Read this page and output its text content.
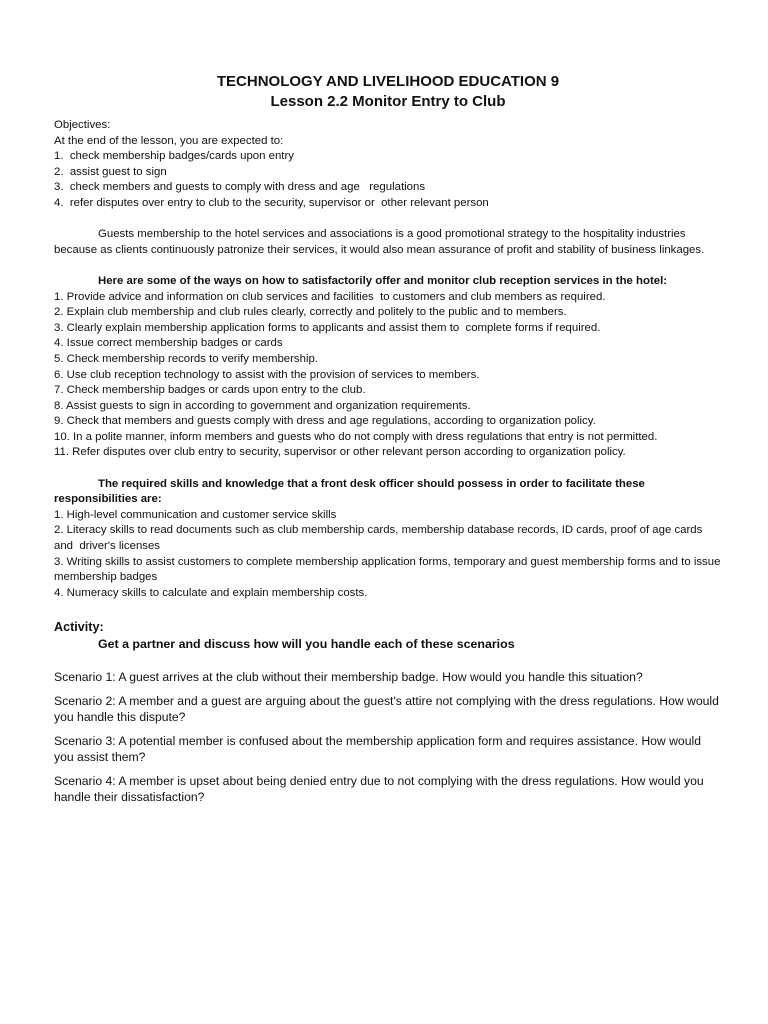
TECHNOLOGY AND LIVELIHOOD EDUCATION 9

Lesson 2.2 Monitor Entry to Club

Objectives:

At the end of the lesson, you are expected to:

1.  check membership badges/cards upon entry

2.  assist guest to sign

3.  check members and guests to comply with dress and age   regulations

4.  refer disputes over entry to club to the security, supervisor or  other relevant person

Guests membership to the hotel services and associations is a good promotional strategy to the hospitality industries because as clients continuously patronize their services, it would also mean assurance of profit and stability of business linkages.

Here are some of the ways on how to satisfactorily offer and monitor club reception services in the hotel:

1. Provide advice and information on club services and facilities  to customers and club members as required.

2. Explain club membership and club rules clearly, correctly and politely to the public and to members.

3. Clearly explain membership application forms to applicants and assist them to  complete forms if required.

4. Issue correct membership badges or cards

5. Check membership records to verify membership.

6. Use club reception technology to assist with the provision of services to members.

7. Check membership badges or cards upon entry to the club.

8. Assist guests to sign in according to government and organization requirements.

9. Check that members and guests comply with dress and age regulations, according to organization policy.

10. In a polite manner, inform members and guests who do not comply with dress regulations that entry is not permitted.

11. Refer disputes over club entry to security, supervisor or other relevant person according to organization policy.

The required skills and knowledge that a front desk officer should possess in order to facilitate these responsibilities are:

1. High-level communication and customer service skills

2. Literacy skills to read documents such as club membership cards, membership database records, ID cards, proof of age cards and  driver's licenses

3. Writing skills to assist customers to complete membership application forms, temporary and guest membership forms and to issue membership badges

4. Numeracy skills to calculate and explain membership costs.

Activity:

Get a partner and discuss how will you handle each of these scenarios

Scenario 1: A guest arrives at the club without their membership badge. How would you handle this situation?

Scenario 2: A member and a guest are arguing about the guest's attire not complying with the dress regulations. How would you handle this dispute?

Scenario 3: A potential member is confused about the membership application form and requires assistance. How would you assist them?

Scenario 4: A member is upset about being denied entry due to not complying with the dress regulations. How would you handle their dissatisfaction?
